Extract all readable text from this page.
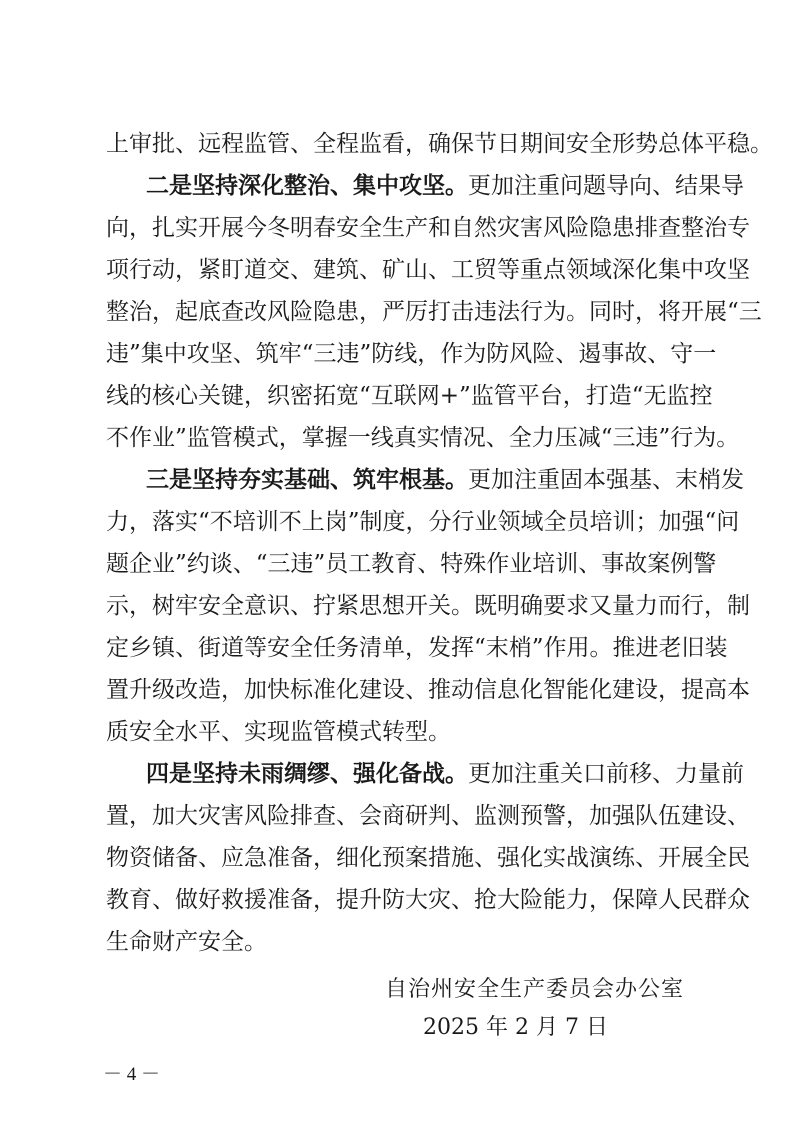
上审批、远程监管、全程监看，确保节日期间安全形势总体平稳。
二是坚持深化整治、集中攻坚。更加注重问题导向、结果导
向，扎实开展今冬明春安全生产和自然灾害风险隐患排查整治专
项行动，紧盯道交、建筑、矿山、工贸等重点领域深化集中攻坚
整治，起底查改风险隐患，严厉打击违法行为。同时，将开展“三
违”集中攻坚、筑牢“三违”防线，作为防风险、遏事故、守一
线的核心关键，织密拓宽“互联网+”监管平台，打造“无监控
不作业”监管模式，掌握一线真实情况、全力压减“三违”行为。
三是坚持夯实基础、筑牢根基。更加注重固本强基、末梢发
力，落实“不培训不上岗”制度，分行业领域全员培训；加强“问
题企业”约谈、“三违”员工教育、特殊作业培训、事故案例警
示，树牢安全意识、拧紧思想开关。既明确要求又量力而行，制
定乡镇、街道等安全任务清单，发挥“末梢”作用。推进老旧装
置升级改造，加快标准化建设、推动信息化智能化建设，提高本
质安全水平、实现监管模式转型。
四是坚持未雨绸缪、强化备战。更加注重关口前移、力量前
置，加大灾害风险排查、会商研判、监测预警，加强队伍建设、
物资储备、应急准备，细化预案措施、强化实战演练、开展全民
教育、做好救援准备，提升防大灾、抢大险能力，保障人民群众
生命财产安全。
自治州安全生产委员会办公室
2025 年 2 月 7 日
－ 4 －
